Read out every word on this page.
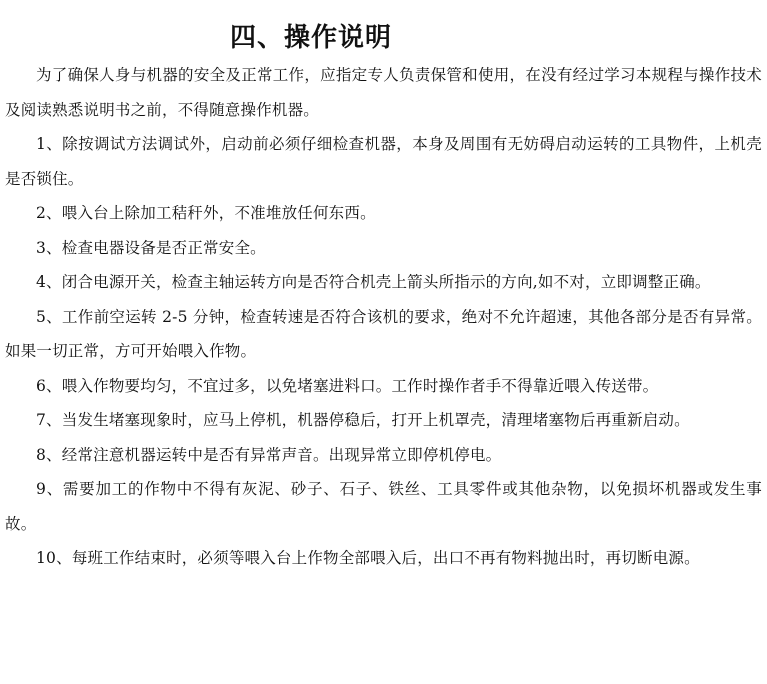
四、操作说明

为了确保人身与机器的安全及正常工作，应指定专人负责保管和使用，在没有经过学习本规程与操作技术及阅读熟悉说明书之前，不得随意操作机器。

1、除按调试方法调试外，启动前必须仔细检查机器，本身及周围有无妨碍启动运转的工具物件，上机壳是否锁住。

2、喂入台上除加工秸秆外，不准堆放任何东西。

3、检查电器设备是否正常安全。

4、闭合电源开关，检查主轴运转方向是否符合机壳上箭头所指示的方向,如不对，立即调整正确。

5、工作前空运转 2-5 分钟，检查转速是否符合该机的要求，绝对不允许超速，其他各部分是否有异常。如果一切正常，方可开始喂入作物。

6、喂入作物要均匀，不宜过多，以免堵塞进料口。工作时操作者手不得靠近喂入传送带。

7、当发生堵塞现象时，应马上停机，机器停稳后，打开上机罩壳，清理堵塞物后再重新启动。

8、经常注意机器运转中是否有异常声音。出现异常立即停机停电。

9、需要加工的作物中不得有灰泥、砂子、石子、铁丝、工具零件或其他杂物，以免损坏机器或发生事故。

10、每班工作结束时，必须等喂入台上作物全部喂入后，出口不再有物料抛出时，再切断电源。
